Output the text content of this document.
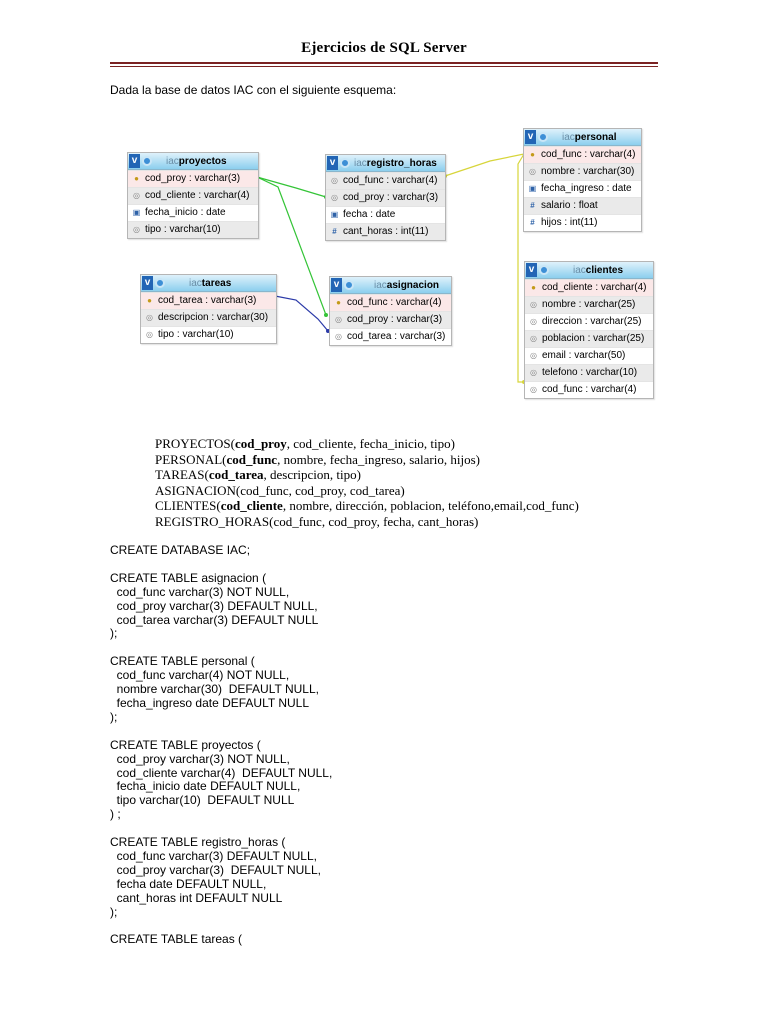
Ejercicios de SQL Server
Dada la base de datos IAC con el siguiente esquema:
v	iac proyectos
● cod_proy : varchar(3)
◎ cod_cliente : varchar(4)
▣ fecha_inicio : date
◎ tipo : varchar(10)
v iac registro_horas
◎ cod_func : varchar(4)
◎ cod_proy : varchar(3)
▣ fecha : date
# cant_horas : int(11)
v	iac personal
● cod_func : varchar(4)
◎ nombre : varchar(30)
▣ fecha_ingreso : date
# salario : float
# hijos : int(11)
v	iac tareas
● cod_tarea : varchar(3)
◎ descripcion : varchar(30)
◎ tipo : varchar(10)
v	iac asignacion
● cod_func : varchar(4)
◎ cod_proy : varchar(3)
◎ cod_tarea : varchar(3)
v	iac clientes
● cod_cliente : varchar(4)
◎ nombre : varchar(25)
◎ direccion : varchar(25)
◎ poblacion : varchar(25)
◎ email : varchar(50)
◎ telefono : varchar(10)
◎ cod_func : varchar(4)
PROYECTOS(cod_proy, cod_cliente, fecha_inicio, tipo)
PERSONAL(cod_func, nombre, fecha_ingreso, salario, hijos)
TAREAS(cod_tarea, descripcion, tipo)
ASIGNACION(cod_func, cod_proy, cod_tarea)
CLIENTES(cod_cliente, nombre, dirección, poblacion, teléfono,email,cod_func)
REGISTRO_HORAS(cod_func, cod_proy, fecha, cant_horas)
CREATE DATABASE IAC;

CREATE TABLE asignacion (
cod_func varchar(3) NOT NULL,
cod_proy varchar(3) DEFAULT NULL,
cod_tarea varchar(3) DEFAULT NULL
);

CREATE TABLE personal (
cod_func varchar(4) NOT NULL,
nombre varchar(30)  DEFAULT NULL,
fecha_ingreso date DEFAULT NULL
);

CREATE TABLE proyectos (
cod_proy varchar(3) NOT NULL,
cod_cliente varchar(4)  DEFAULT NULL,
fecha_inicio date DEFAULT NULL,
tipo varchar(10)  DEFAULT NULL
) ;

CREATE TABLE registro_horas (
cod_func varchar(3) DEFAULT NULL,
cod_proy varchar(3)  DEFAULT NULL,
fecha date DEFAULT NULL,
cant_horas int DEFAULT NULL
);

CREATE TABLE tareas (
